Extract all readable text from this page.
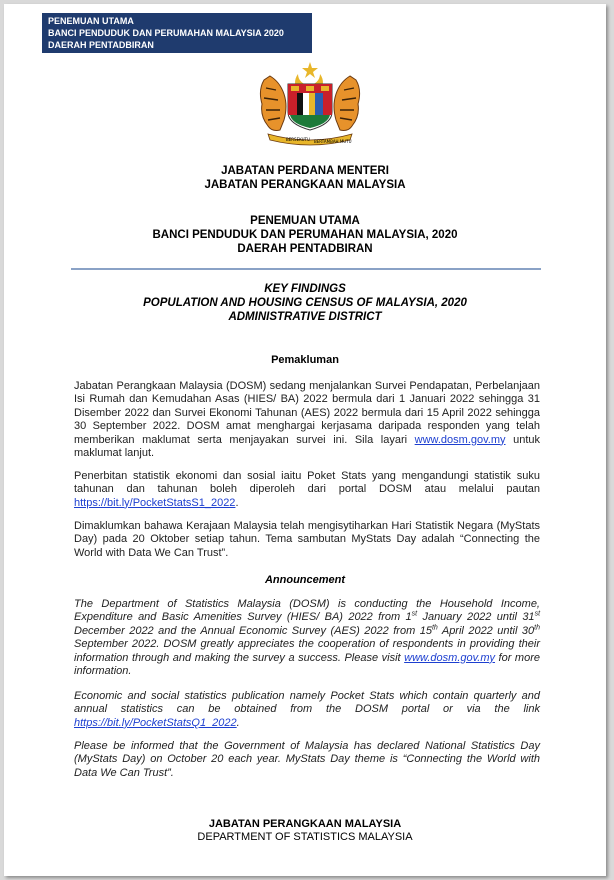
PENEMUAN UTAMA
BANCI PENDUDUK DAN PERUMAHAN MALAYSIA 2020
DAERAH PENTADBIRAN
BERSEKUTU BERTAMBAH MUTU
JABATAN PERDANA MENTERI
JABATAN PERANGKAAN MALAYSIA
PENEMUAN UTAMA
BANCI PENDUDUK DAN PERUMAHAN MALAYSIA, 2020
DAERAH PENTADBIRAN
KEY FINDINGS
POPULATION AND HOUSING CENSUS OF MALAYSIA, 2020
ADMINISTRATIVE DISTRICT
Pemakluman

Jabatan Perangkaan Malaysia (DOSM) sedang menjalankan Survei Pendapatan, Perbelanjaan Isi Rumah dan Kemudahan Asas (HIES/ BA) 2022 bermula dari 1 Januari 2022 sehingga 31 Disember 2022 dan Survei Ekonomi Tahunan (AES) 2022 bermula dari 15 April 2022 sehingga 30 September 2022. DOSM amat menghargai kerjasama daripada responden yang telah memberikan maklumat serta menjayakan survei ini. Sila layari www.dosm.gov.my untuk maklumat lanjut.

Penerbitan statistik ekonomi dan sosial iaitu Poket Stats yang mengandungi statistik suku tahunan dan tahunan boleh diperoleh dari portal DOSM atau melalui pautan https://bit.ly/PocketStatsS1_2022.

Dimaklumkan bahawa Kerajaan Malaysia telah mengisytiharkan Hari Statistik Negara (MyStats Day) pada 20 Oktober setiap tahun. Tema sambutan MyStats Day adalah “Connecting the World with Data We Can Trust”.

Announcement

The Department of Statistics Malaysia (DOSM) is conducting the Household Income, Expenditure and Basic Amenities Survey (HIES/ BA) 2022 from 1st January 2022 until 31st December 2022 and the Annual Economic Survey (AES) 2022 from 15th April 2022 until 30th September 2022. DOSM greatly appreciates the cooperation of respondents in providing their information through and making the survey a success. Please visit www.dosm.gov.my for more information.

Economic and social statistics publication namely Pocket Stats which contain quarterly and annual statistics can be obtained from the DOSM portal or via the link https://bit.ly/PocketStatsQ1_2022.

Please be informed that the Government of Malaysia has declared National Statistics Day (MyStats Day) on October 20 each year. MyStats Day theme is “Connecting the World with Data We Can Trust”.

JABATAN PERANGKAAN MALAYSIA
DEPARTMENT OF STATISTICS MALAYSIA
